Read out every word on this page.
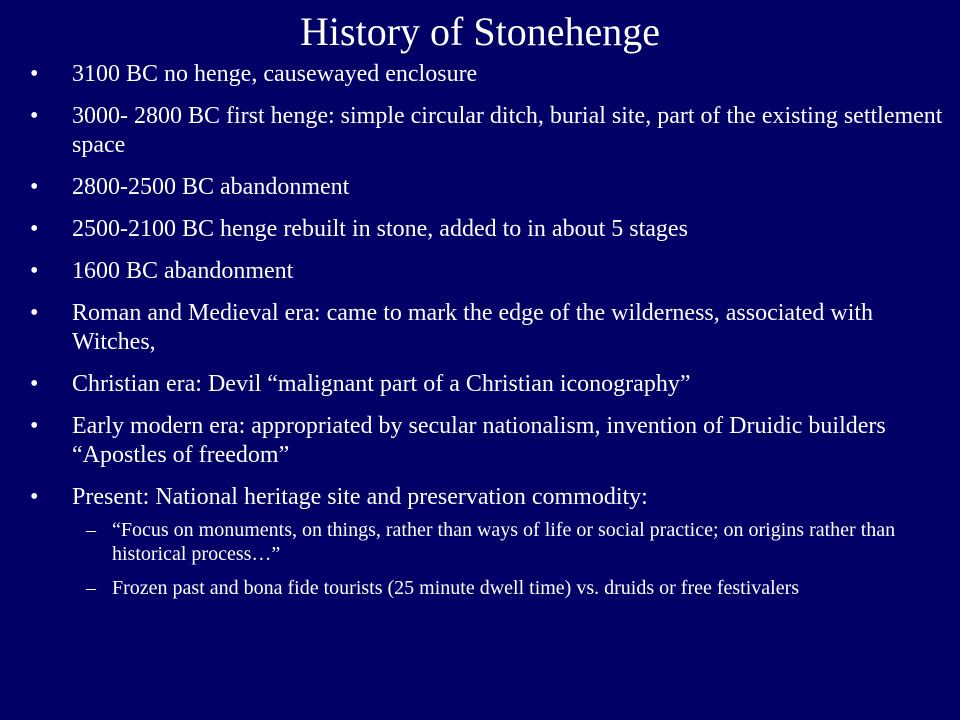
History of Stonehenge
•	3100 BC no henge, causewayed enclosure
•	3000- 2800 BC first henge: simple circular ditch, burial site, part of the existing settlement space
•	2800-2500 BC abandonment
•	2500-2100 BC henge rebuilt in stone, added to in about 5 stages
•	1600 BC abandonment
•	Roman and Medieval era: came to mark the edge of the wilderness, associated with Witches,
•	Christian era: Devil “malignant part of a Christian iconography”
•	Early modern era: appropriated by secular nationalism, invention of Druidic builders “Apostles of freedom”
•	Present: National heritage site and preservation commodity:
– “Focus on monuments, on things, rather than ways of life or social practice; on origins rather than historical process…”
– Frozen past and bona fide tourists (25 minute dwell time) vs. druids or free festivalers
